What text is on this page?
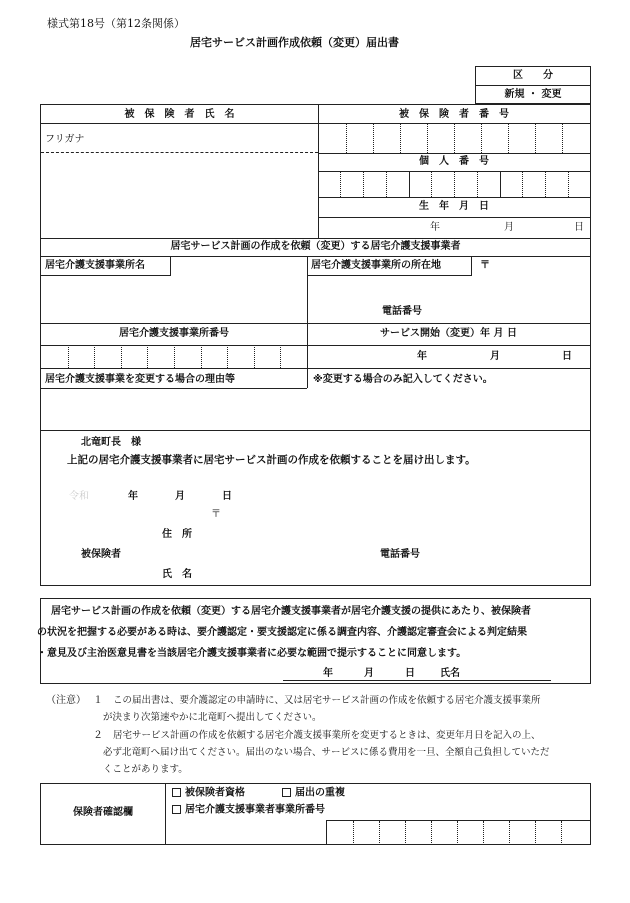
様式第18号（第12条関係）
居宅サービス計画作成依頼（変更）届出書
区　　分
新規 ・ 変更
被　保　険　者　氏　名	被　保　険　者　番　号
フリガナ
個　人　番　号
生　年　月　日
年	月	日
居宅サービス計画の作成を依頼（変更）する居宅介護支援事業者
居宅介護支援事業所名	居宅介護支援事業所の所在地	〒
電話番号
居宅介護支援事業所番号	サービス開始（変更）年 月 日
年	月	日
居宅介護支援事業を変更する場合の理由等	※変更する場合のみ記入してください。
北竜町長　様
上記の居宅介護支援事業者に居宅サービス計画の作成を依頼することを届け出します。
令和	年	月	日
〒
住　所
被保険者	電話番号
氏　名
居宅サービス計画の作成を依頼（変更）する居宅介護支援事業者が居宅介護支援の提供にあたり、被保険者
の状況を把握する必要がある時は、要介護認定・要支援認定に係る調査内容、介護認定審査会による判定結果
・意見及び主治医意見書を当該居宅介護支援事業者に必要な範囲で提示することに同意します。
年	月	日	氏名
（注意） １ この届出書は、要介護認定の申請時に、又は居宅サービス計画の作成を依頼する居宅介護支援事業所
が決まり次第速やかに北竜町へ提出してください。
２ 居宅サービス計画の作成を依頼する居宅介護支援事業所を変更するときは、変更年月日を記入の上、
必ず北竜町へ届け出てください。届出のない場合、サービスに係る費用を一旦、全額自己負担していただ
くことがあります。
保険者確認欄
被保険者資格	届出の重複
居宅介護支援事業者事業所番号
